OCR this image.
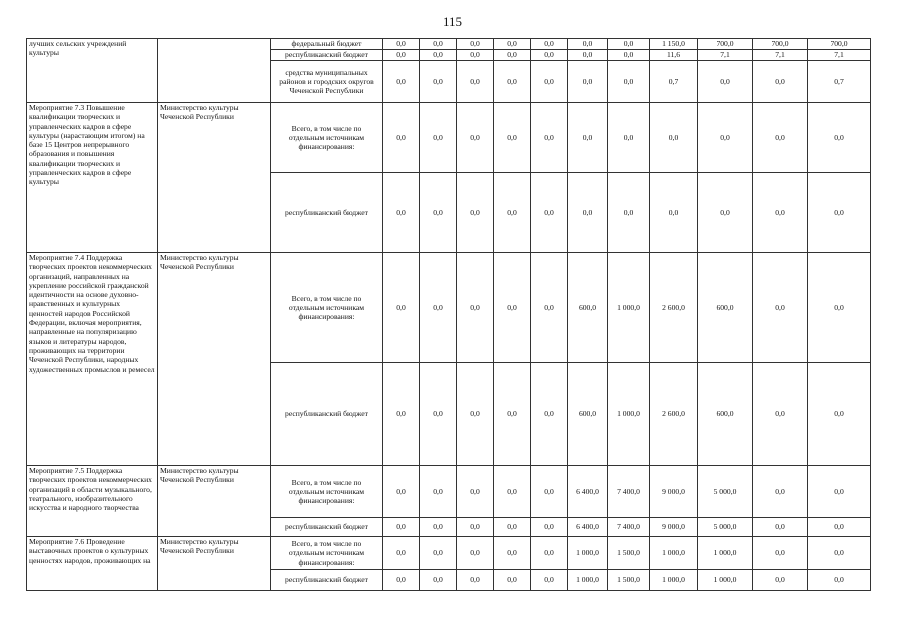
115
лучших сельских учреждений культуры		федеральный бюджет	0,0	0,0	0,0	0,0	0,0	0,0	0,0	1 150,0	700,0	700,0	700,0
		республиканский бюджет	0,0	0,0	0,0	0,0	0,0	0,0	0,0	11,6	7,1	7,1	7,1
		средства муниципальных районов и городских округов Чеченской Республики	0,0	0,0	0,0	0,0	0,0	0,0	0,0	0,7	0,0	0,0	0,7
Мероприятие 7.3 Повышение квалификации творческих и управленческих кадров в сфере культуры (нарастающим итогом) на базе 15 Центров непрерывного образования и повышения квалификации творческих и управленческих кадров в сфере культуры	Министерство культуры Чеченской Республики	Всего, в том числе по отдельным источникам финансирования:	0,0	0,0	0,0	0,0	0,0	0,0	0,0	0,0	0,0	0,0	0,0
		республиканский бюджет	0,0	0,0	0,0	0,0	0,0	0,0	0,0	0,0	0,0	0,0	0,0
Мероприятие 7.4 Поддержка творческих проектов некоммерческих организаций, направленных на укрепление российской гражданской идентичности на основе духовно-нравственных и культурных ценностей народов Российской Федерации, включая мероприятия, направленные на популяризацию языков и литературы народов, проживающих на территории Чеченской Республики, народных художественных промыслов и ремесел	Министерство культуры Чеченской Республики	Всего, в том числе по отдельным источникам финансирования:	0,0	0,0	0,0	0,0	0,0	600,0	1 000,0	2 600,0	600,0	0,0	0,0
		республиканский бюджет	0,0	0,0	0,0	0,0	0,0	600,0	1 000,0	2 600,0	600,0	0,0	0,0
Мероприятие 7.5 Поддержка творческих проектов некоммерческих организаций в области музыкального, театрального, изобразительного искусства и народного творчества	Министерство культуры Чеченской Республики	Всего, в том числе по отдельным источникам финансирования:	0,0	0,0	0,0	0,0	0,0	6 400,0	7 400,0	9 000,0	5 000,0	0,0	0,0
		республиканский бюджет	0,0	0,0	0,0	0,0	0,0	6 400,0	7 400,0	9 000,0	5 000,0	0,0	0,0
Мероприятие 7.6 Проведение выставочных проектов о культурных ценностях народов, проживающих на	Министерство культуры Чеченской Республики	Всего, в том числе по отдельным источникам финансирования:	0,0	0,0	0,0	0,0	0,0	1 000,0	1 500,0	1 000,0	1 000,0	0,0	0,0
		республиканский бюджет	0,0	0,0	0,0	0,0	0,0	1 000,0	1 500,0	1 000,0	1 000,0	0,0	0,0
